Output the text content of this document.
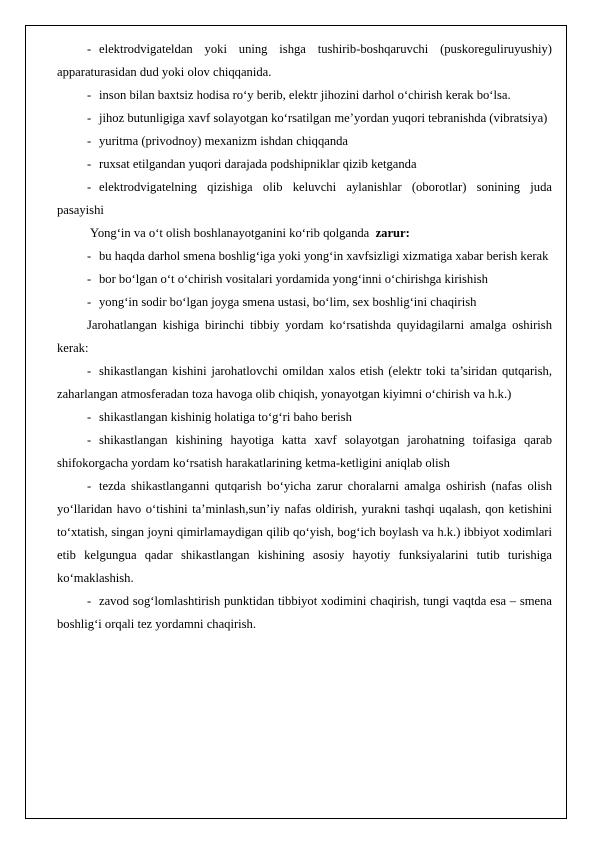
- elektrodvigateldan yoki uning ishga tushirib-boshqaruvchi (puskoreguliruyushiy) apparaturasidan dud yoki olov chiqqanida.

- inson bilan baxtsiz hodisa ro‘y berib, elektr jihozini darhol o‘chirish kerak bo‘lsa.

- jihoz butunligiga xavf solayotgan ko‘rsatilgan me’yordan yuqori tebranishda (vibratsiya)

- yuritma (privodnoy) mexanizm ishdan chiqqanda

- ruxsat etilgandan yuqori darajada podshipniklar qizib ketganda

- elektrodvigatelning qizishiga olib keluvchi aylanishlar (oborotlar) sonining juda pasayishi

Yong‘in va o‘t olish boshlanayotganini ko‘rib qolganda zarur:

- bu haqda darhol smena boshlig‘iga yoki yong‘in xavfsizligi xizmatiga xabar berish kerak

- bor bo‘lgan o‘t o‘chirish vositalari yordamida yong‘inni o‘chirishga kirishish

- yong‘in sodir bo‘lgan joyga smena ustasi, bo‘lim, sex boshlig‘ini chaqirish

Jarohatlangan kishiga birinchi tibbiy yordam ko‘rsatishda quyidagilarni amalga oshirish kerak:

- shikastlangan kishini jarohatlovchi omildan xalos etish (elektr toki ta’siridan qutqarish, zaharlangan atmosferadan toza havoga olib chiqish, yonayotgan kiyimni o‘chirish va h.k.)

- shikastlangan kishinig holatiga to‘g‘ri baho berish

- shikastlangan kishining hayotiga katta xavf solayotgan jarohatning toifasiga qarab shifokorgacha yordam ko‘rsatish harakatlarining ketma-ketligini aniqlab olish

- tezda shikastlanganni qutqarish bo‘yicha zarur choralarni amalga oshirish (nafas olish yo‘llaridan havo o‘tishini ta’minlash,sun’iy nafas oldirish, yurakni tashqi uqalash, qon ketishini to‘xtatish, singan joyni qimirlamaydigan qilib qo‘yish, bog‘ich boylash va h.k.) ibbiyot xodimlari etib kelgungua qadar shikastlangan kishining asosiy hayotiy funksiyalarini tutib turishiga ko‘maklashish.

- zavod sog‘lomlashtirish punktidan tibbiyot xodimini chaqirish, tungi vaqtda esa – smena boshlig‘i orqali tez yordamni chaqirish.
